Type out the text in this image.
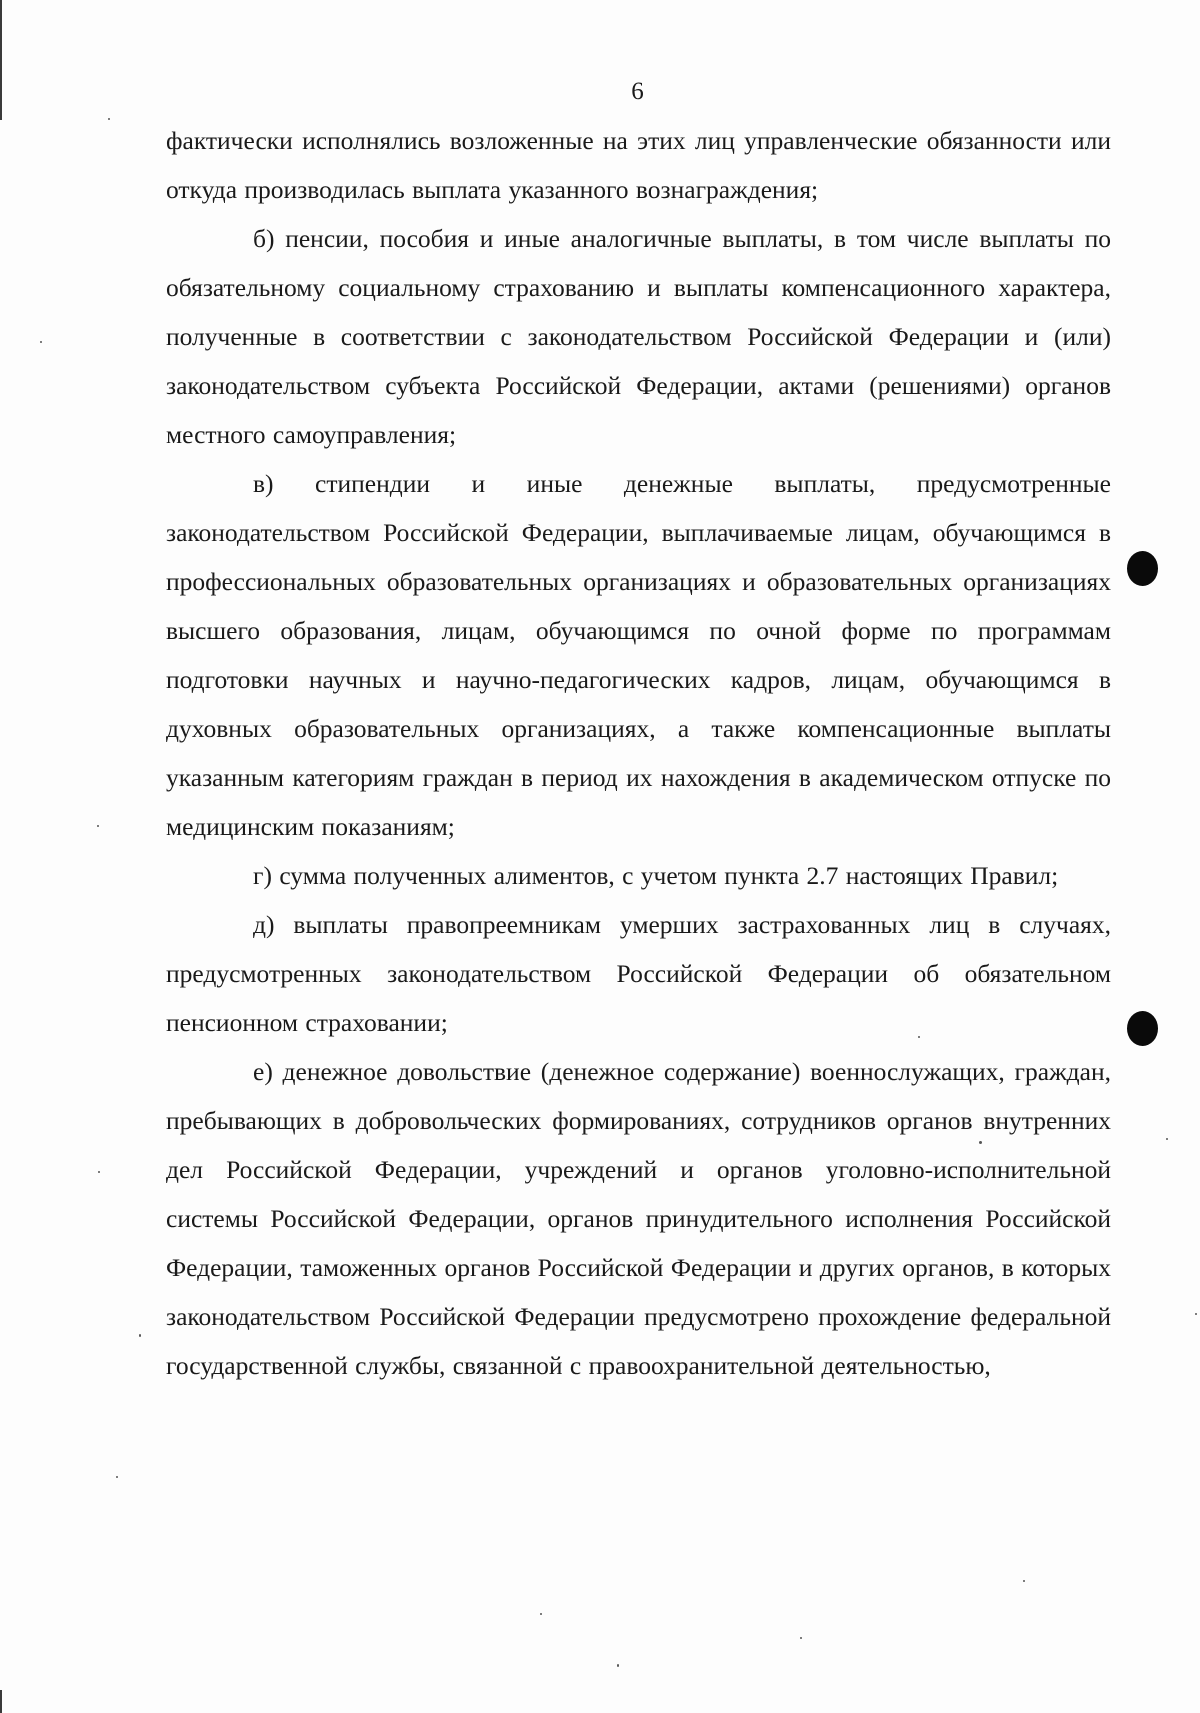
6

фактически исполнялись возложенные на этих лиц управленческие обязанности или откуда производилась выплата указанного вознаграждения;

б) пенсии, пособия и иные аналогичные выплаты, в том числе выплаты по обязательному социальному страхованию и выплаты компенсационного характера, полученные в соответствии с законодательством Российской Федерации и (или) законодательством субъекта Российской Федерации, актами (решениями) органов местного самоуправления;

в) стипендии и иные денежные выплаты, предусмотренные законодательством Российской Федерации, выплачиваемые лицам, обучающимся в профессиональных образовательных организациях и образовательных организациях высшего образования, лицам, обучающимся по очной форме по программам подготовки научных и научно-педагогических кадров, лицам, обучающимся в духовных образовательных организациях, а также компенсационные выплаты указанным категориям граждан в период их нахождения в академическом отпуске по медицинским показаниям;

г) сумма полученных алиментов, с учетом пункта 2.7 настоящих Правил;

д) выплаты правопреемникам умерших застрахованных лиц в случаях, предусмотренных законодательством Российской Федерации об обязательном пенсионном страховании;

е) денежное довольствие (денежное содержание) военнослужащих, граждан, пребывающих в добровольческих формированиях, сотрудников органов внутренних дел Российской Федерации, учреждений и органов уголовно-исполнительной системы Российской Федерации, органов принудительного исполнения Российской Федерации, таможенных органов Российской Федерации и других органов, в которых законодательством Российской Федерации предусмотрено прохождение федеральной государственной службы, связанной с правоохранительной деятельностью,
